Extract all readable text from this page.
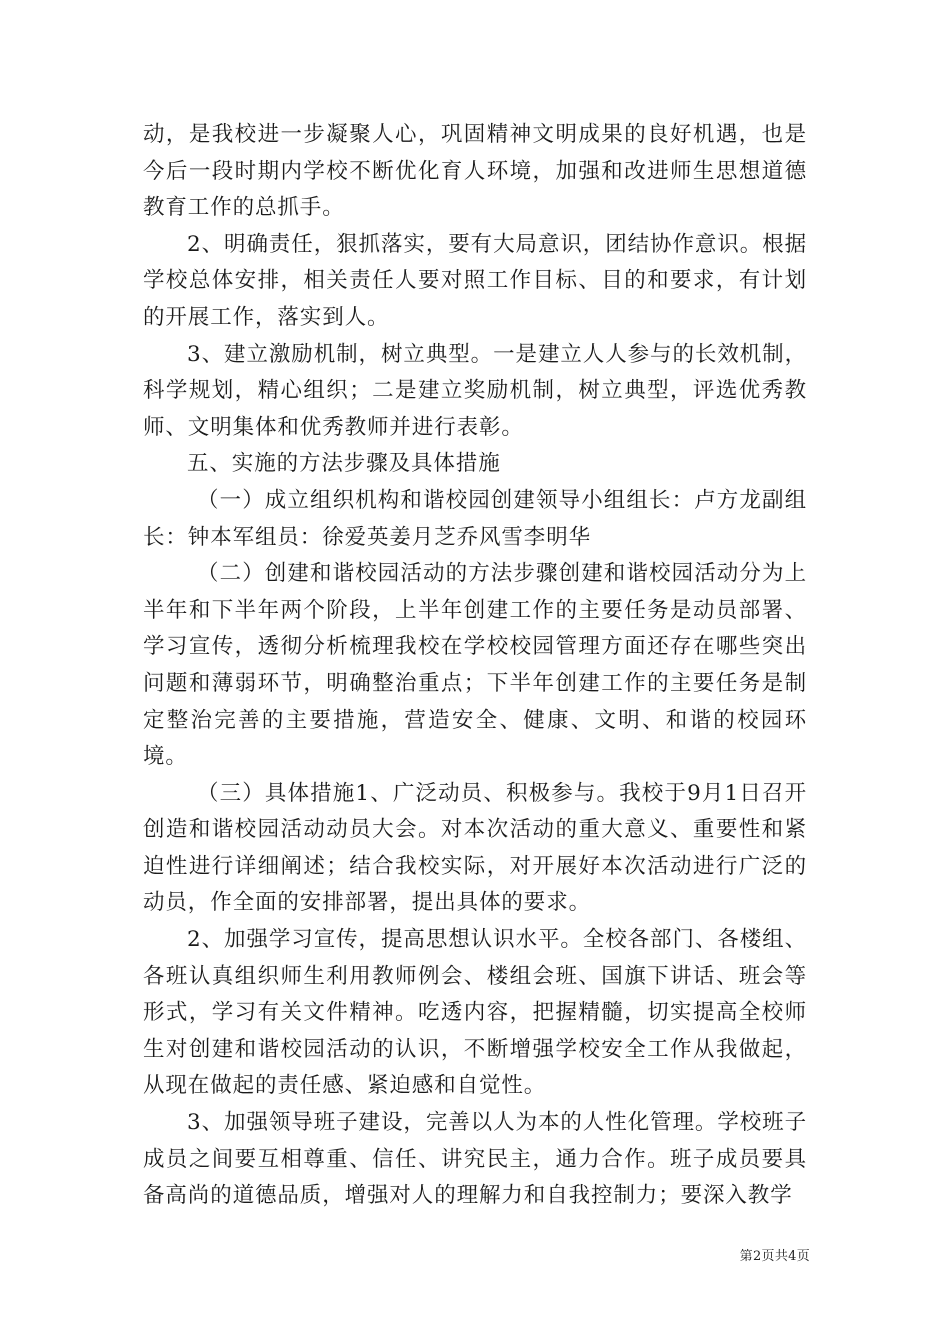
动，是我校进一步凝聚人心，巩固精神文明成果的良好机遇，也是今后一段时期内学校不断优化育人环境，加强和改进师生思想道德教育工作的总抓手。

2、明确责任，狠抓落实，要有大局意识，团结协作意识。根据学校总体安排，相关责任人要对照工作目标、目的和要求，有计划的开展工作，落实到人。

3、建立激励机制，树立典型。一是建立人人参与的长效机制，科学规划，精心组织；二是建立奖励机制，树立典型，评选优秀教师、文明集体和优秀教师并进行表彰。

五、实施的方法步骤及具体措施

（一）成立组织机构和谐校园创建领导小组组长：卢方龙副组长：钟本军组员：徐爱英姜月芝乔风雪李明华

（二）创建和谐校园活动的方法步骤创建和谐校园活动分为上半年和下半年两个阶段，上半年创建工作的主要任务是动员部署、学习宣传，透彻分析梳理我校在学校校园管理方面还存在哪些突出问题和薄弱环节，明确整治重点；下半年创建工作的主要任务是制定整治完善的主要措施，营造安全、健康、文明、和谐的校园环境。

（三）具体措施1、广泛动员、积极参与。我校于9月1日召开创造和谐校园活动动员大会。对本次活动的重大意义、重要性和紧迫性进行详细阐述；结合我校实际，对开展好本次活动进行广泛的动员，作全面的安排部署，提出具体的要求。

2、加强学习宣传，提高思想认识水平。全校各部门、各楼组、各班认真组织师生利用教师例会、楼组会班、国旗下讲话、班会等形式，学习有关文件精神。吃透内容，把握精髓，切实提高全校师生对创建和谐校园活动的认识，不断增强学校安全工作从我做起，从现在做起的责任感、紧迫感和自觉性。

3、加强领导班子建设，完善以人为本的人性化管理。学校班子成员之间要互相尊重、信任、讲究民主，通力合作。班子成员要具备高尚的道德品质，增强对人的理解力和自我控制力；要深入教学

第2页共4页
